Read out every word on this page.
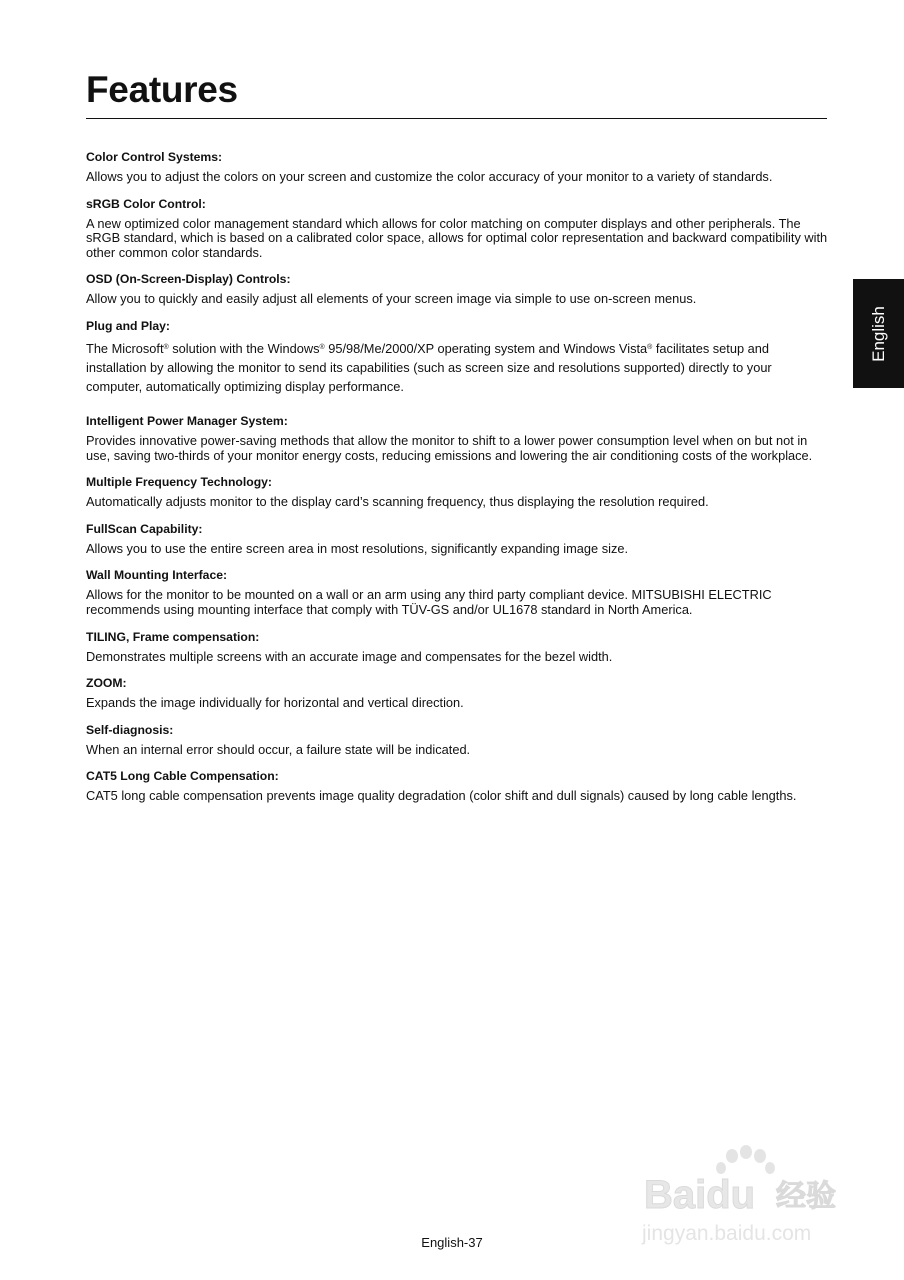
Features
Color Control Systems:

Allows you to adjust the colors on your screen and customize the color accuracy of your monitor to a variety of standards.

sRGB Color Control:

A new optimized color management standard which allows for color matching on computer displays and other peripherals. The sRGB standard, which is based on a calibrated color space, allows for optimal color representation and backward compatibility with other common color standards.

OSD (On-Screen-Display) Controls:

Allow you to quickly and easily adjust all elements of your screen image via simple to use on-screen menus.

Plug and Play:

The Microsoft® solution with the Windows® 95/98/Me/2000/XP operating system and Windows Vista® facilitates setup and installation by allowing the monitor to send its capabilities (such as screen size and resolutions supported) directly to your computer, automatically optimizing display performance.

Intelligent Power Manager System:

Provides innovative power-saving methods that allow the monitor to shift to a lower power consumption level when on but not in use, saving two-thirds of your monitor energy costs, reducing emissions and lowering the air conditioning costs of the workplace.

Multiple Frequency Technology:

Automatically adjusts monitor to the display card’s scanning frequency, thus displaying the resolution required.

FullScan Capability:

Allows you to use the entire screen area in most resolutions, significantly expanding image size.

Wall Mounting Interface:

Allows for the monitor to be mounted on a wall or an arm using any third party compliant device. MITSUBISHI ELECTRIC recommends using mounting interface that comply with TÜV-GS and/or UL1678 standard in North America.

TILING, Frame compensation:

Demonstrates multiple screens with an accurate image and compensates for the bezel width.

ZOOM:

Expands the image individually for horizontal and vertical direction.

Self-diagnosis:

When an internal error should occur, a failure state will be indicated.

CAT5 Long Cable Compensation:

CAT5 long cable compensation prevents image quality degradation (color shift and dull signals) caused by long cable lengths.

English
Baidu 经验
jingyan.baidu.com
English-37
